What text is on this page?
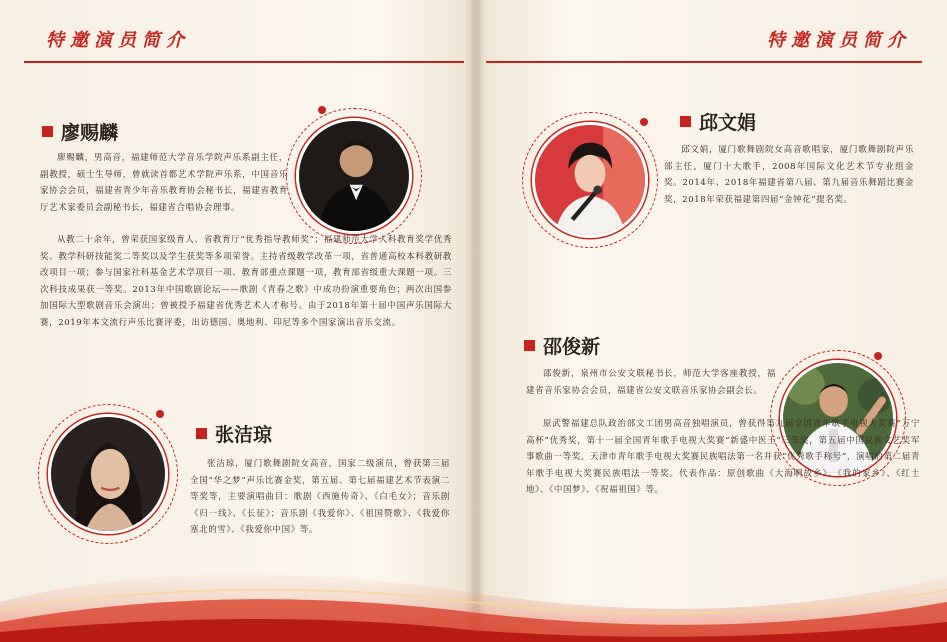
特邀演员简介	特邀演员简介
廖赐麟

廖赐麟，男高音，福建师范大学音乐学院声乐系副主任，副教授，硕士生导师，曾就读首都艺术学院声乐系，中国音乐家协会会员，福建省青少年音乐教育协会秘书长，福建省教育厅艺术家委员会副秘书长，福建省合唱协会理事。

从教二十余年，曾荣获国家级育人、省教育厅“优秀指导教师奖”；福建师范大学人科教育奖学优秀奖、教学科研技能奖二等奖以及学生获奖等多项荣誉。主持省级教学改革一项，省普通高校本科教研教改项目一项；参与国家社科基金艺术学项目一项、教育部重点课题一项，教育部省级重大课题一项。三次科技成果获一等奖。2013年中国歌剧论坛——歌剧《青春之歌》中成功扮演重要角色；两次出国参加国际大型歌剧音乐会演出；曾被授予福建省优秀艺术人才称号。由于2018年第十届中国声乐国际大赛，2019年本文流行声乐比赛评委，出访德国、奥地利、印尼等多个国家演出音乐交流。

张洁琼

张洁琼，厦门歌舞剧院女高音，国家二级演员，曾获第三届全国“华之梦”声乐比赛金奖，第五届、第七届福建艺术节表演二等奖等，主要演唱曲目：歌剧《西施传奇》、《白毛女》；音乐剧《归一线》、《长征》；音乐剧《我爱你》、《祖国赞歌》、《我爱你塞北的雪》、《我爱你中国》等。

邱文娟

邱文娟，厦门歌舞剧院女高音歌唱家，厦门歌舞剧院声乐部主任，厦门十大歌手，2008年国际文化艺术节专业组金奖。2014年、2018年福建省第八届、第九届音乐舞蹈比赛金奖，2018年荣获福建第四届“金钟花”提名奖。

邵俊新

邵俊新，泉州市公安文联秘书长，师范大学客座教授，福建省音乐家协会会员，福建省公安文联音乐家协会副会长。

原武警福建总队政治部文工团男高音独唱演员，曾获得第九届全国青年歌手电视大奖赛“万宁高杯”优秀奖，第十一届全国青年歌手电视大奖赛“新盛中医王”三等奖，第五届中国民族文艺奖军事歌曲一等奖，天津市青年歌手电视大奖赛民族唱法第一名并获“优秀歌手称号”，演唱的第二届青年歌手电视大奖赛民族唱法一等奖。代表作品：原创歌曲《大海啊故乡》、《我的家乡》、《红土地》、《中国梦》、《祝福祖国》等。
